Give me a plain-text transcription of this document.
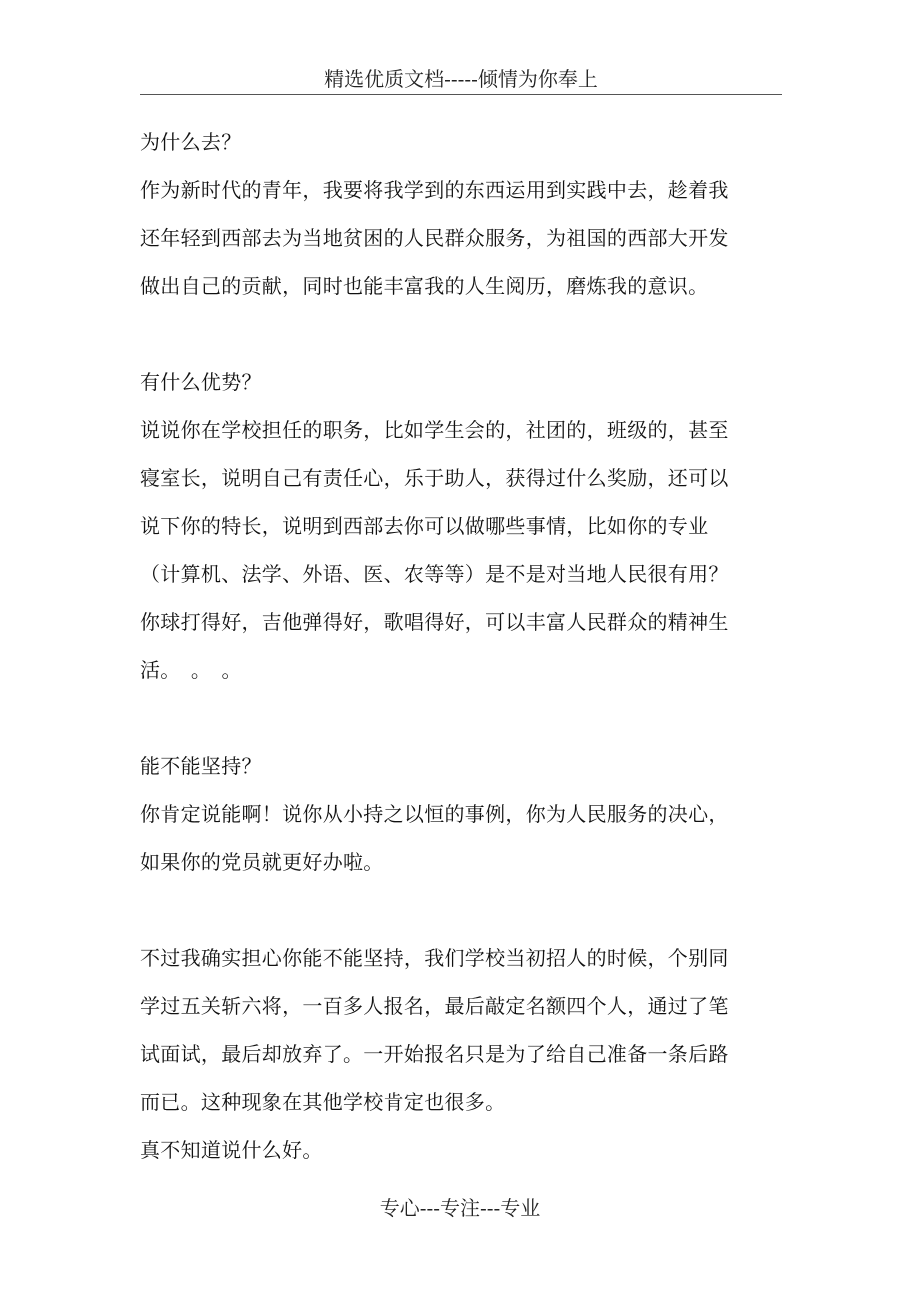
精选优质文档-----倾情为你奉上
为什么去？
作为新时代的青年，我要将我学到的东西运用到实践中去，趁着我
还年轻到西部去为当地贫困的人民群众服务，为祖国的西部大开发
做出自己的贡献，同时也能丰富我的人生阅历，磨炼我的意识。
有什么优势？
说说你在学校担任的职务，比如学生会的，社团的，班级的，甚至
寝室长，说明自己有责任心，乐于助人，获得过什么奖励，还可以
说下你的特长，说明到西部去你可以做哪些事情，比如你的专业
（计算机、法学、外语、医、农等等）是不是对当地人民很有用？
你球打得好，吉他弹得好，歌唱得好，可以丰富人民群众的精神生
活。　。　。
能不能坚持？
你肯定说能啊！说你从小持之以恒的事例，你为人民服务的决心，
如果你的党员就更好办啦。
不过我确实担心你能不能坚持，我们学校当初招人的时候，个别同
学过五关斩六将，一百多人报名，最后敲定名额四个人，通过了笔
试面试，最后却放弃了。一开始报名只是为了给自己准备一条后路
而已。这种现象在其他学校肯定也很多。
真不知道说什么好。
专心---专注---专业
